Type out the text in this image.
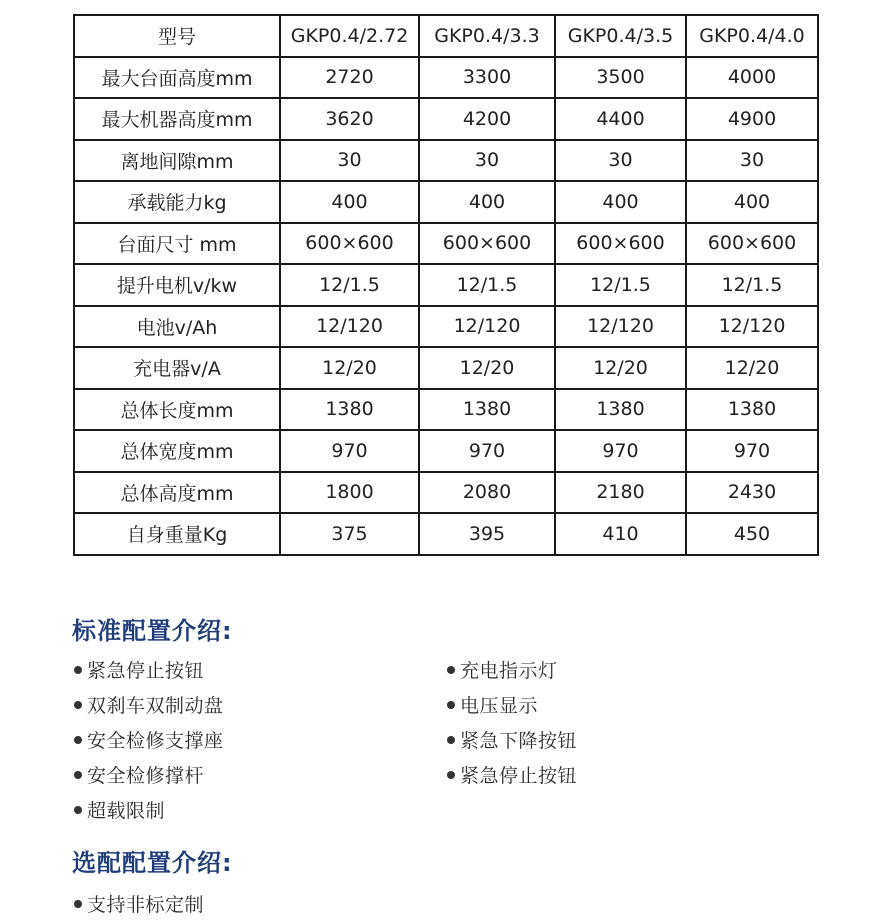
型号	GKP0.4/2.72	GKP0.4/3.3	GKP0.4/3.5	GKP0.4/4.0
最大台面高度mm	2720	3300	3500	4000
最大机器高度mm	3620	4200	4400	4900
离地间隙mm	30	30	30	30
承载能力kg	400	400	400	400
台面尺寸 mm	600×600	600×600	600×600	600×600
提升电机v/kw	12/1.5	12/1.5	12/1.5	12/1.5
电池v/Ah	12/120	12/120	12/120	12/120
充电器v/A	12/20	12/20	12/20	12/20
总体长度mm	1380	1380	1380	1380
总体宽度mm	970	970	970	970
总体高度mm	1800	2080	2180	2430
自身重量Kg	375	395	410	450
标准配置介绍:
紧急停止按钮
双刹车双制动盘
安全检修支撑座
安全检修撑杆
超载限制
充电指示灯
电压显示
紧急下降按钮
紧急停止按钮
选配配置介绍:
支持非标定制
